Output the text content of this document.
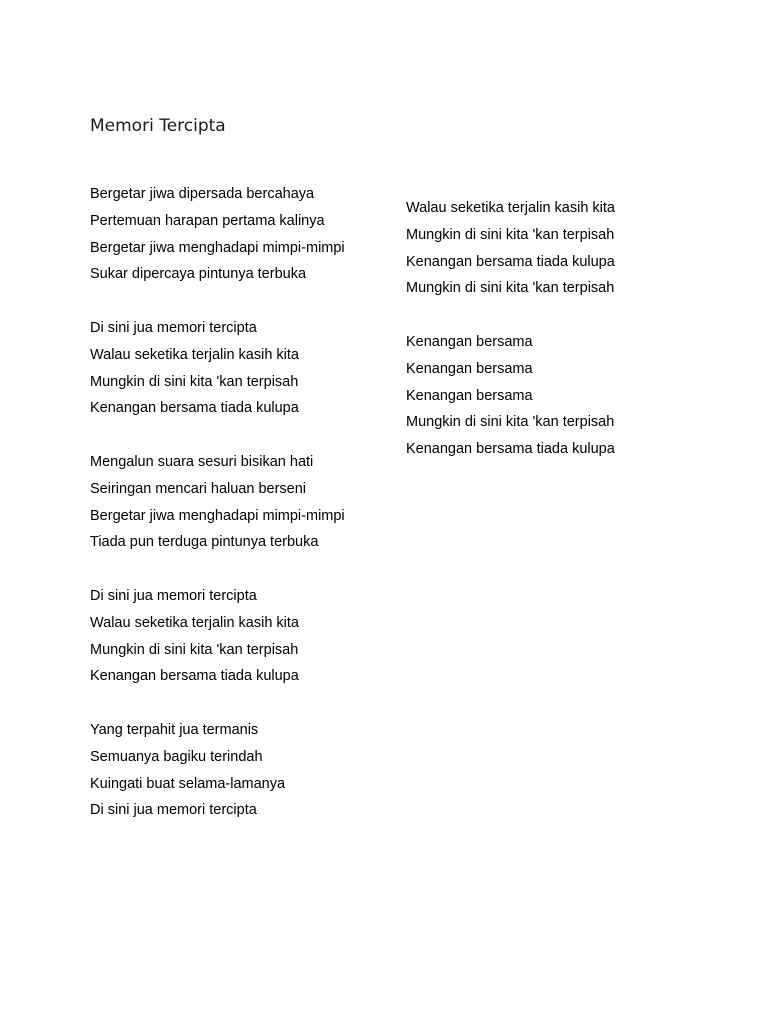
Memori Tercipta
Bergetar jiwa dipersada bercahaya
Pertemuan harapan pertama kalinya
Bergetar jiwa menghadapi mimpi-mimpi
Sukar dipercaya pintunya terbuka
Di sini jua memori tercipta
Walau seketika terjalin kasih kita
Mungkin di sini kita 'kan terpisah
Kenangan bersama tiada kulupa
Mengalun suara sesuri bisikan hati
Seiringan mencari haluan berseni
Bergetar jiwa menghadapi mimpi-mimpi
Tiada pun terduga pintunya terbuka
Di sini jua memori tercipta
Walau seketika terjalin kasih kita
Mungkin di sini kita 'kan terpisah
Kenangan bersama tiada kulupa
Yang terpahit jua termanis
Semuanya bagiku terindah
Kuingati buat selama-lamanya
Di sini jua memori tercipta
Walau seketika terjalin kasih kita
Mungkin di sini kita 'kan terpisah
Kenangan bersama tiada kulupa
Mungkin di sini kita 'kan terpisah
Kenangan bersama
Kenangan bersama
Kenangan bersama
Mungkin di sini kita 'kan terpisah
Kenangan bersama tiada kulupa
